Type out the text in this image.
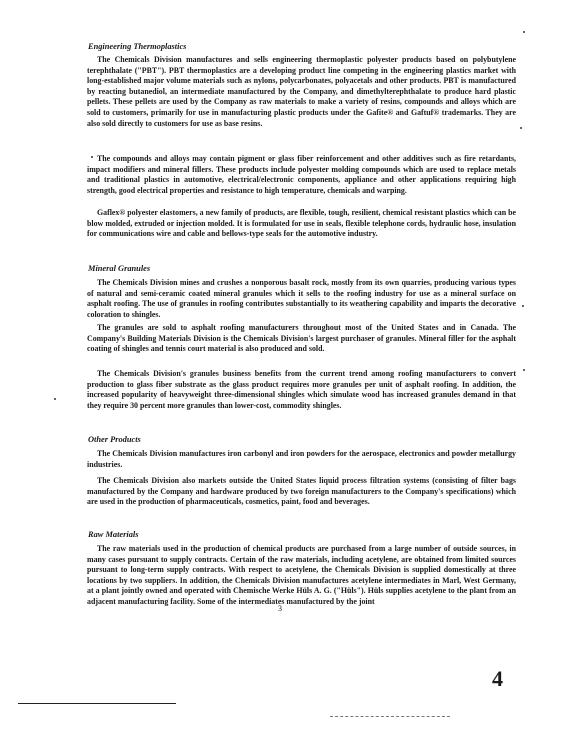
Engineering Thermoplastics
The Chemicals Division manufactures and sells engineering thermoplastic polyester products based on polybutylene terephthalate ("PBT"). PBT thermoplastics are a developing product line competing in the engineering plastics market with long-established major volume materials such as nylons, polycarbonates, polyacetals and other products. PBT is manufactured by reacting butanediol, an intermediate manufactured by the Company, and dimethylterephthalate to produce hard plastic pellets. These pellets are used by the Company as raw materials to make a variety of resins, compounds and alloys which are sold to customers, primarily for use in manufacturing plastic products under the Gafite® and Gaftuf® trademarks. They are also sold directly to customers for use as base resins.
The compounds and alloys may contain pigment or glass fiber reinforcement and other additives such as fire retardants, impact modifiers and mineral fillers. These products include polyester molding compounds which are used to replace metals and traditional plastics in automotive, electrical/electronic components, appliance and other applications requiring high strength, good electrical properties and resistance to high temperature, chemicals and warping.
Gaflex® polyester elastomers, a new family of products, are flexible, tough, resilient, chemical resistant plastics which can be blow molded, extruded or injection molded. It is formulated for use in seals, flexible telephone cords, hydraulic hose, insulation for communications wire and cable and bellows-type seals for the automotive industry.
Mineral Granules
The Chemicals Division mines and crushes a nonporous basalt rock, mostly from its own quarries, producing various types of natural and semi-ceramic coated mineral granules which it sells to the roofing industry for use as a mineral surface on asphalt roofing. The use of granules in roofing contributes substantially to its weathering capability and imparts the decorative coloration to shingles.
The granules are sold to asphalt roofing manufacturers throughout most of the United States and in Canada. The Company's Building Materials Division is the Chemicals Division's largest purchaser of granules. Mineral filler for the asphalt coating of shingles and tennis court material is also produced and sold.
The Chemicals Division's granules business benefits from the current trend among roofing manufacturers to convert production to glass fiber substrate as the glass product requires more granules per unit of asphalt roofing. In addition, the increased popularity of heavyweight three-dimensional shingles which simulate wood has increased granules demand in that they require 30 percent more granules than lower-cost, commodity shingles.
Other Products
The Chemicals Division manufactures iron carbonyl and iron powders for the aerospace, electronics and powder metallurgy industries.
The Chemicals Division also markets outside the United States liquid process filtration systems (consisting of filter bags manufactured by the Company and hardware produced by two foreign manufacturers to the Company's specifications) which are used in the production of pharmaceuticals, cosmetics, paint, food and beverages.
Raw Materials
The raw materials used in the production of chemical products are purchased from a large number of outside sources, in many cases pursuant to supply contracts. Certain of the raw materials, including acetylene, are obtained from limited sources pursuant to long-term supply contracts. With respect to acetylene, the Chemicals Division is supplied domestically at three locations by two suppliers. In addition, the Chemicals Division manufactures acetylene intermediates in Marl, West Germany, at a plant jointly owned and operated with Chemische Werke Hüls A. G. ("Hüls"). Hüls supplies acetylene to the plant from an adjacent manufacturing facility. Some of the intermediates manufactured by the joint
3
4
